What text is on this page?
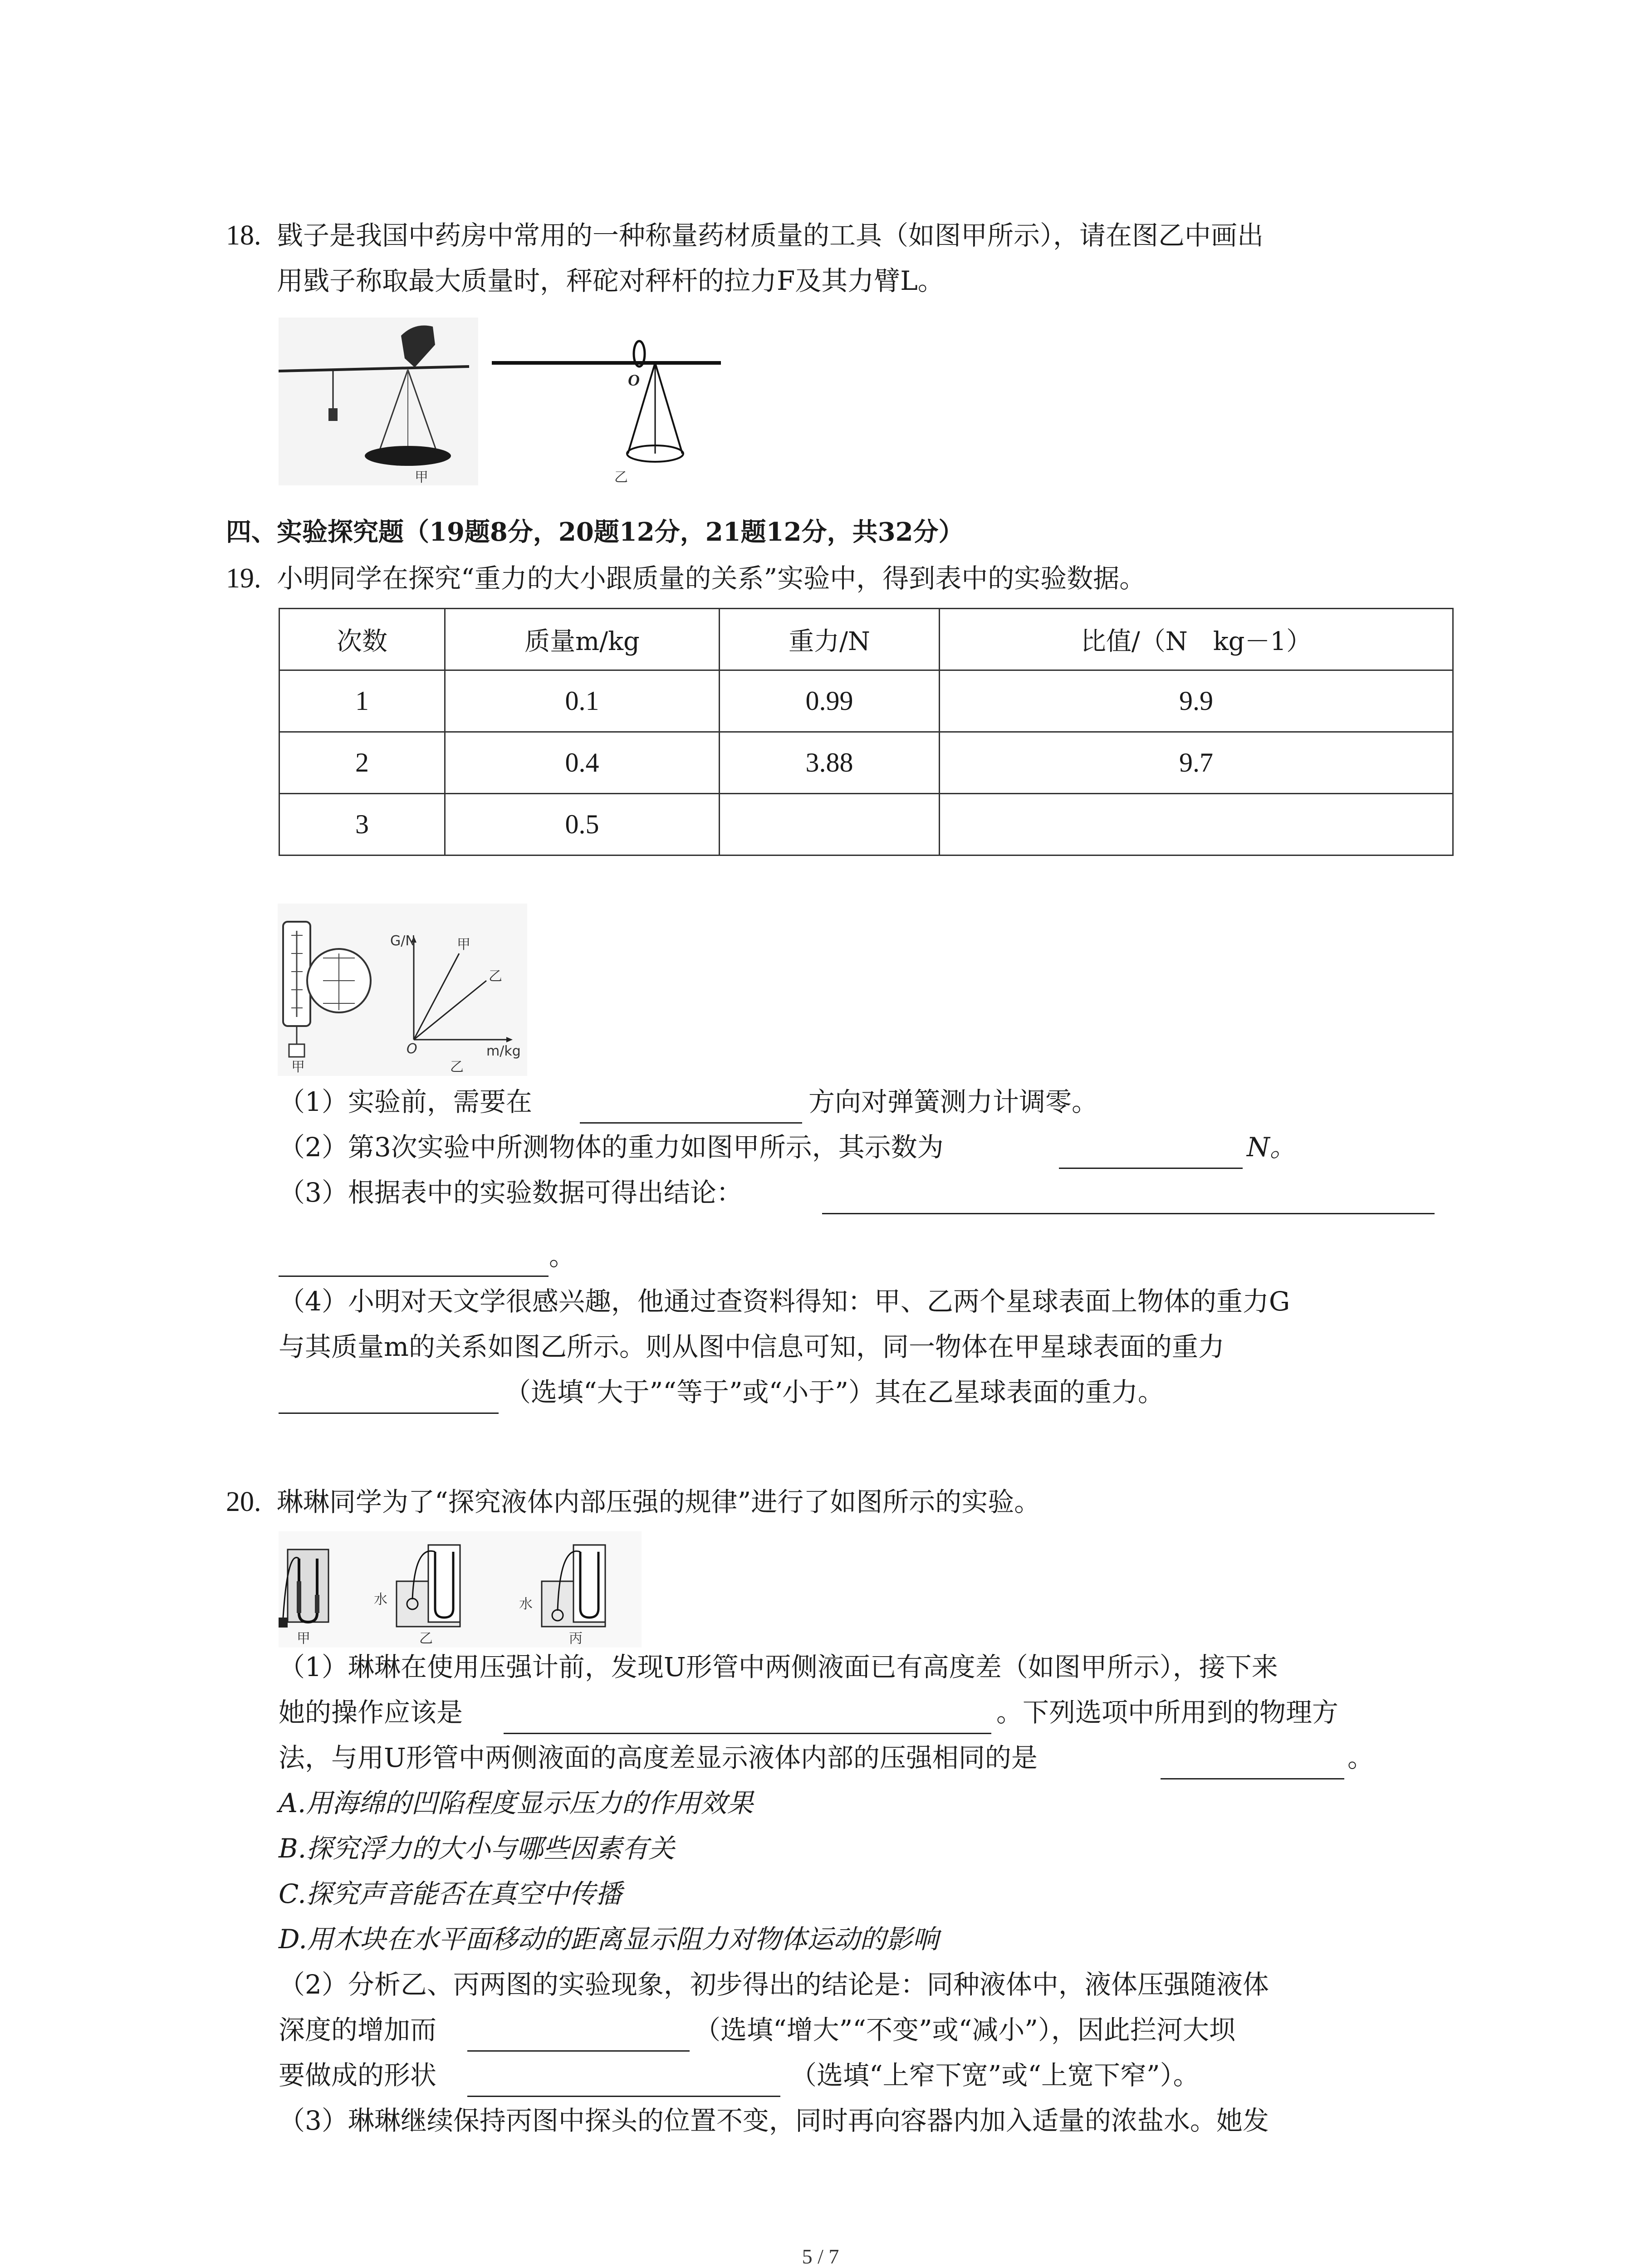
18. 戥子是我国中药房中常用的一种称量药材质量的工具（如图甲所示），请在图乙中画出
用戥子称取最大质量时，秤砣对秤杆的拉力F及其力臂L。
甲
O
乙
四、实验探究题（19题8分，20题12分，21题12分，共32分）
19. 小明同学在探究“重力的大小跟质量的关系”实验中，得到表中的实验数据。
次数	质量m/kg	重力/N	比值/（N　kg－1）
1	0.1	0.99	9.9
2	0.4	3.88	9.7
3	0.5		
甲
G/N
m/kg
O
甲
乙
乙
（1）实验前，需要在	方向对弹簧测力计调零。
（2）第3次实验中所测物体的重力如图甲所示，其示数为	N。
（3）根据表中的实验数据可得出结论：
。
（4）小明对天文学很感兴趣，他通过查资料得知：甲、乙两个星球表面上物体的重力G
与其质量m的关系如图乙所示。则从图中信息可知，同一物体在甲星球表面的重力
（选填“大于”“等于”或“小于”）其在乙星球表面的重力。
20. 琳琳同学为了“探究液体内部压强的规律”进行了如图所示的实验。
甲
水
乙
水
丙
（1）琳琳在使用压强计前，发现U形管中两侧液面已有高度差（如图甲所示），接下来
她的操作应该是	。下列选项中所用到的物理方
法，与用U形管中两侧液面的高度差显示液体内部的压强相同的是	。
A.用海绵的凹陷程度显示压力的作用效果
B.探究浮力的大小与哪些因素有关
C.探究声音能否在真空中传播
D.用木块在水平面移动的距离显示阻力对物体运动的影响
（2）分析乙、丙两图的实验现象，初步得出的结论是：同种液体中，液体压强随液体
深度的增加而	（选填“增大”“不变”或“减小”），因此拦河大坝
要做成的形状	（选填“上窄下宽”或“上宽下窄”）。
（3）琳琳继续保持丙图中探头的位置不变，同时再向容器内加入适量的浓盐水。她发
5 / 7
